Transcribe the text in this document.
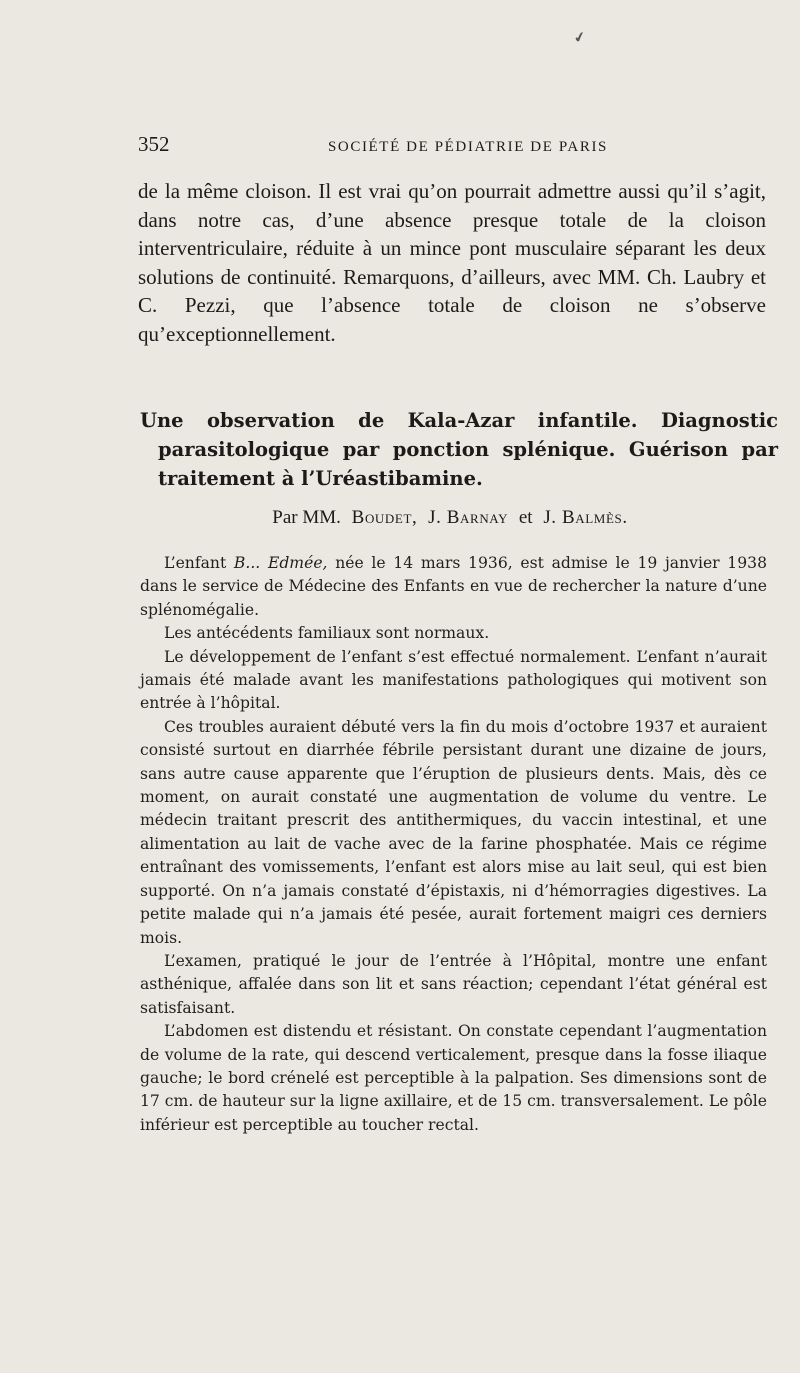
✔
352	SOCIÉTÉ DE PÉDIATRIE DE PARIS

de la même cloison. Il est vrai qu’on pourrait admettre aussi qu’il s’agit, dans notre cas, d’une absence presque totale de la cloison interventriculaire, réduite à un mince pont musculaire séparant les deux solutions de continuité. Remarquons, d’ailleurs, avec MM. Ch. Laubry et C. Pezzi, que l’absence totale de cloison ne s’observe qu’exceptionnellement.

Une observation de Kala-Azar infantile. Diagnostic parasitologique par ponction splénique. Guérison par traitement à l’Uréastibamine.
Par MM. Boudet, J. Barnay et J. Balmès.

L’enfant B... Edmée, née le 14 mars 1936, est admise le 19 janvier 1938 dans le service de Médecine des Enfants en vue de rechercher la nature d’une splénomégalie.

Les antécédents familiaux sont normaux.

Le développement de l’enfant s’est effectué normalement. L’enfant n’aurait jamais été malade avant les manifestations pathologiques qui motivent son entrée à l’hôpital.

Ces troubles auraient débuté vers la fin du mois d’octobre 1937 et auraient consisté surtout en diarrhée fébrile persistant durant une dizaine de jours, sans autre cause apparente que l’éruption de plusieurs dents. Mais, dès ce moment, on aurait constaté une augmentation de volume du ventre. Le médecin traitant prescrit des antithermiques, du vaccin intestinal, et une alimentation au lait de vache avec de la farine phosphatée. Mais ce régime entraînant des vomissements, l’enfant est alors mise au lait seul, qui est bien supporté. On n’a jamais constaté d’épistaxis, ni d’hémorragies digestives. La petite malade qui n’a jamais été pesée, aurait fortement maigri ces derniers mois.

L’examen, pratiqué le jour de l’entrée à l’Hôpital, montre une enfant asthénique, affalée dans son lit et sans réaction; cependant l’état général est satisfaisant.

L’abdomen est distendu et résistant. On constate cependant l’augmentation de volume de la rate, qui descend verticalement, presque dans la fosse iliaque gauche; le bord crénelé est perceptible à la palpation. Ses dimensions sont de 17 cm. de hauteur sur la ligne axillaire, et de 15 cm. transversalement. Le pôle inférieur est perceptible au toucher rectal.
